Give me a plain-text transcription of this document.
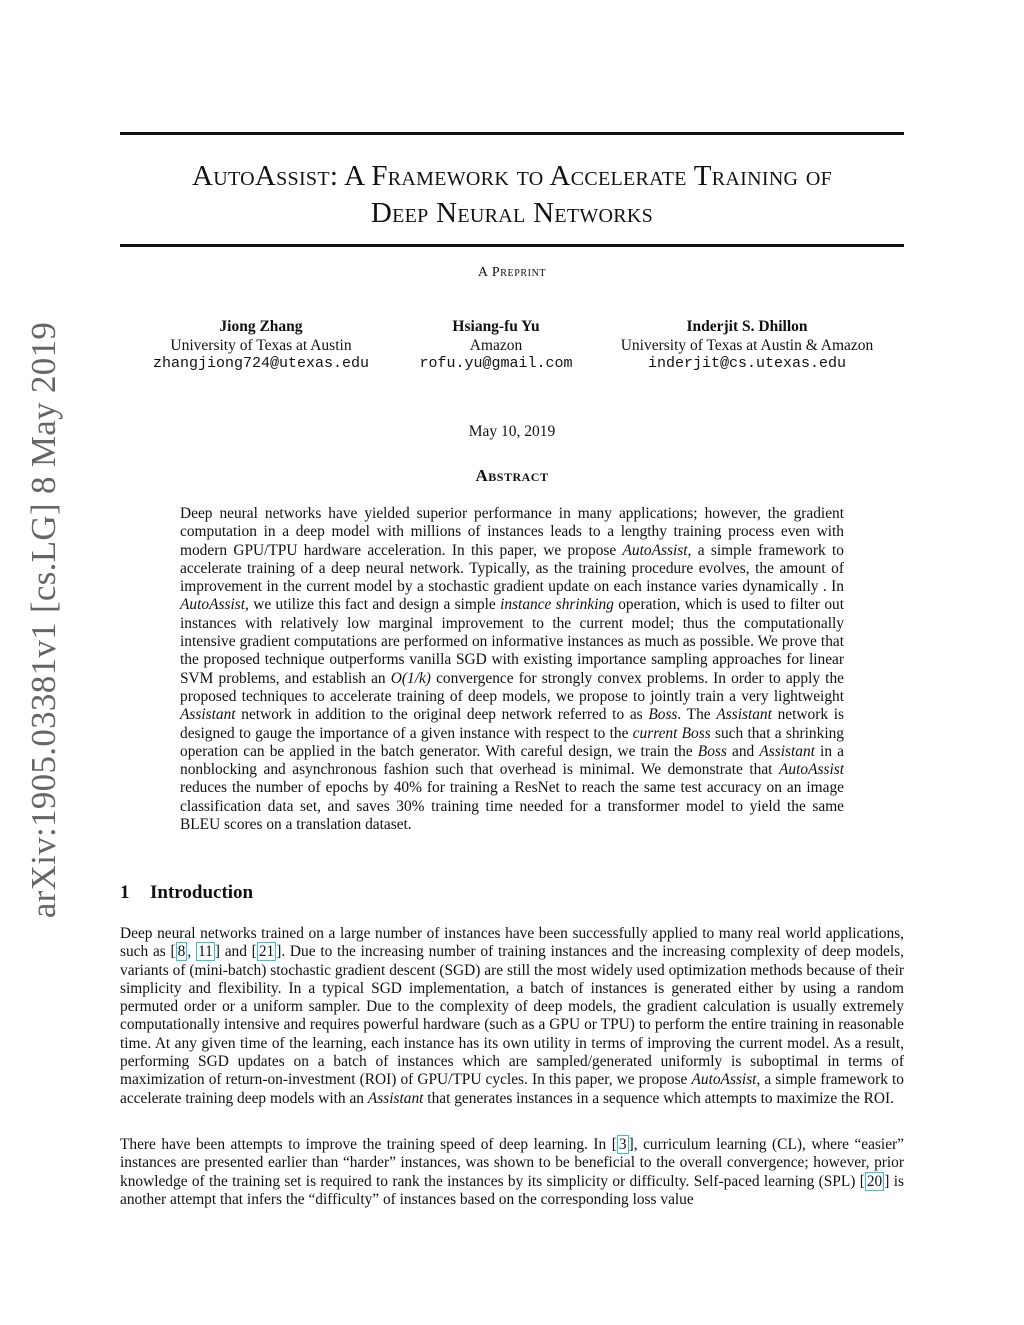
arXiv:1905.03381v1 [cs.LG] 8 May 2019
AutoAssist: A Framework to Accelerate Training of
Deep Neural Networks
A Preprint
Jiong Zhang
University of Texas at Austin
zhangjiong724@utexas.edu
Hsiang-fu Yu
Amazon
rofu.yu@gmail.com
Inderjit S. Dhillon
University of Texas at Austin & Amazon
inderjit@cs.utexas.edu
May 10, 2019
Abstract
Deep neural networks have yielded superior performance in many applications; however, the gradient computation in a deep model with millions of instances leads to a lengthy training process even with modern GPU/TPU hardware acceleration. In this paper, we propose AutoAssist, a simple framework to accelerate training of a deep neural network. Typically, as the training procedure evolves, the amount of improvement in the current model by a stochastic gradient update on each instance varies dynamically . In AutoAssist, we utilize this fact and design a simple instance shrinking operation, which is used to filter out instances with relatively low marginal improvement to the current model; thus the computationally intensive gradient computations are performed on informative instances as much as possible. We prove that the proposed technique outperforms vanilla SGD with existing importance sampling approaches for linear SVM problems, and establish an O(1/k) convergence for strongly convex problems. In order to apply the proposed techniques to accelerate training of deep models, we propose to jointly train a very lightweight Assistant network in addition to the original deep network referred to as Boss. The Assistant network is designed to gauge the importance of a given instance with respect to the current Boss such that a shrinking operation can be applied in the batch generator. With careful design, we train the Boss and Assistant in a nonblocking and asynchronous fashion such that overhead is minimal. We demonstrate that AutoAssist reduces the number of epochs by 40% for training a ResNet to reach the same test accuracy on an image classification data set, and saves 30% training time needed for a transformer model to yield the same BLEU scores on a translation dataset.
1 Introduction

Deep neural networks trained on a large number of instances have been successfully applied to many real world applications, such as [ 8 , 11 ] and [ 21 ]. Due to the increasing number of training instances and the increasing complexity of deep models, variants of (mini-batch) stochastic gradient descent (SGD) are still the most widely used optimization methods because of their simplicity and flexibility. In a typical SGD implementation, a batch of instances is generated either by using a random permuted order or a uniform sampler. Due to the complexity of deep models, the gradient calculation is usually extremely computationally intensive and requires powerful hardware (such as a GPU or TPU) to perform the entire training in reasonable time. At any given time of the learning, each instance has its own utility in terms of improving the current model. As a result, performing SGD updates on a batch of instances which are sampled/generated uniformly is suboptimal in terms of maximization of return-on-investment (ROI) of GPU/TPU cycles. In this paper, we propose AutoAssist, a simple framework to accelerate training deep models with an Assistant that generates instances in a sequence which attempts to maximize the ROI.

There have been attempts to improve the training speed of deep learning. In [ 3 ], curriculum learning (CL), where “easier” instances are presented earlier than “harder” instances, was shown to be beneficial to the overall convergence; however, prior knowledge of the training set is required to rank the instances by its simplicity or difficulty. Self-paced learning (SPL) [ 20 ] is another attempt that infers the “difficulty” of instances based on the corresponding loss value
